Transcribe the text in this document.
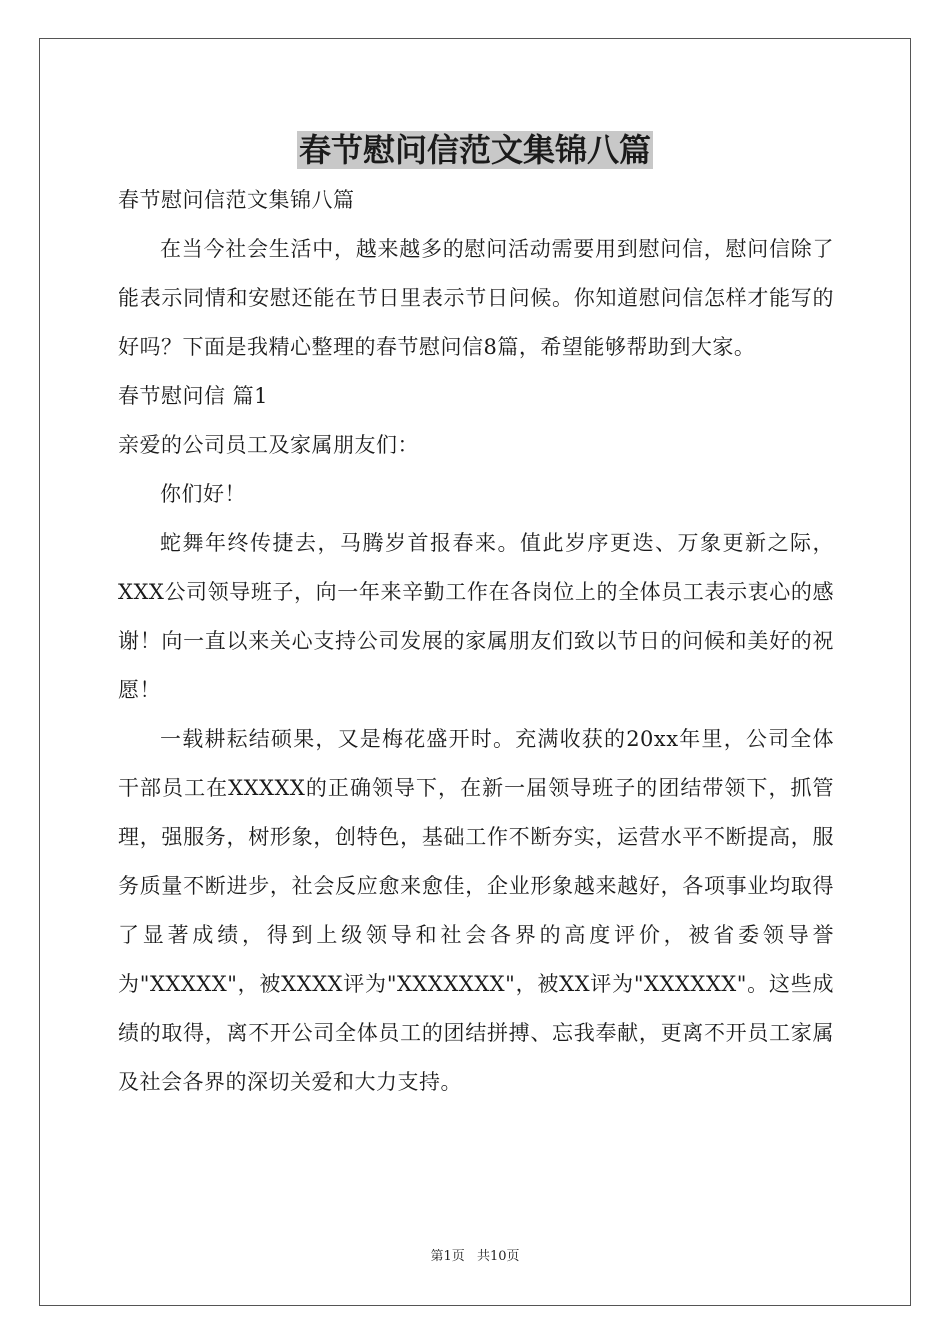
春节慰问信范文集锦八篇

春节慰问信范文集锦八篇

在当今社会生活中，越来越多的慰问活动需要用到慰问信，慰问信除了能表示同情和安慰还能在节日里表示节日问候。你知道慰问信怎样才能写的好吗？下面是我精心整理的春节慰问信8篇，希望能够帮助到大家。

春节慰问信 篇1

亲爱的公司员工及家属朋友们：

你们好！

蛇舞年终传捷去，马腾岁首报春来。值此岁序更迭、万象更新之际，XXX公司领导班子，向一年来辛勤工作在各岗位上的全体员工表示衷心的感谢！向一直以来关心支持公司发展的家属朋友们致以节日的问候和美好的祝愿！

一载耕耘结硕果，又是梅花盛开时。充满收获的20xx年里，公司全体干部员工在XXXXX的正确领导下，在新一届领导班子的团结带领下，抓管理，强服务，树形象，创特色，基础工作不断夯实，运营水平不断提高，服务质量不断进步，社会反应愈来愈佳，企业形象越来越好，各项事业均取得了显著成绩，得到上级领导和社会各界的高度评价，被省委领导誉为"XXXXX"，被XXXX评为"XXXXXXX"，被XX评为"XXXXXX"。这些成绩的取得，离不开公司全体员工的团结拼搏、忘我奉献，更离不开员工家属及社会各界的深切关爱和大力支持。

第1页 共10页
